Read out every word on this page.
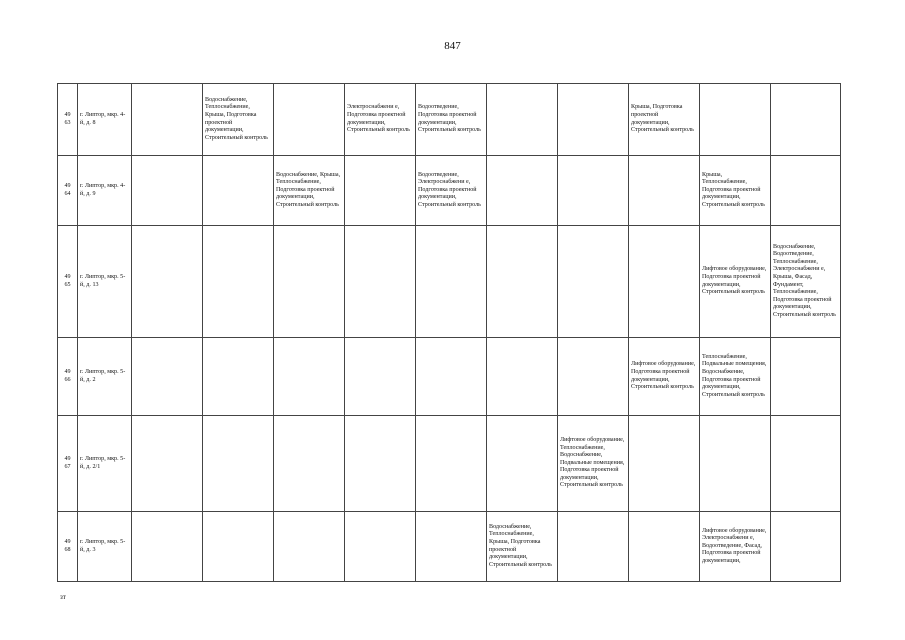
847
49
63	г. Липтор, мкр. 4-й, д. 8		Водоснабжение, Теплоснабжение, Крыша, Подготовка проектной документации, Строительный контроль		Электроснабжени е, Подготовка проектной документации, Строительный контроль	Водоотведение, Подготовка проектной документации, Строительный контроль			Крыша, Подготовка проектной документации, Строительный контроль		

49
64	г. Липтор, мкр. 4-й, д. 9			Водоснабжение, Крыша, Теплоснабжение, Подготовка проектной документации, Строительный контроль		Водоотведение, Электроснабжени е, Подготовка проектной документации, Строительный контроль				Крыша, Теплоснабжение, Подготовка проектной документации, Строительный контроль	

49
65	г. Липтор, мкр. 5-й, д. 13									Лифтовое оборудование, Подготовка проектной документации, Строительный контроль	Водоснабжение, Водоотведение, Теплоснабжение, Электроснабжени е, Крыша, Фасад, Фундамент, Теплоснабжение, Подготовка проектной документации, Строительный контроль

49
66	г. Липтор, мкр. 5-й, д. 2								Лифтовое оборудование, Подготовка проектной документации, Строительный контроль	Теплоснабжение, Подвальные помещения, Водоснабжение, Подготовка проектной документации, Строительный контроль	

49
67	г. Липтор, мкр. 5-й, д. 2/1							Лифтовое оборудование, Теплоснабжение, Водоснабжение, Подвальные помещения, Подготовка проектной документации, Строительный контроль			

49
68	г. Липтор, мкр. 5-й, д. 3						Водоснабжение, Теплоснабжение, Крыша, Подготовка проектной документации, Строительный контроль			Лифтовое оборудование, Электроснабжени е, Водоотведение, Фасад, Подготовка проектной документации,	
зт
